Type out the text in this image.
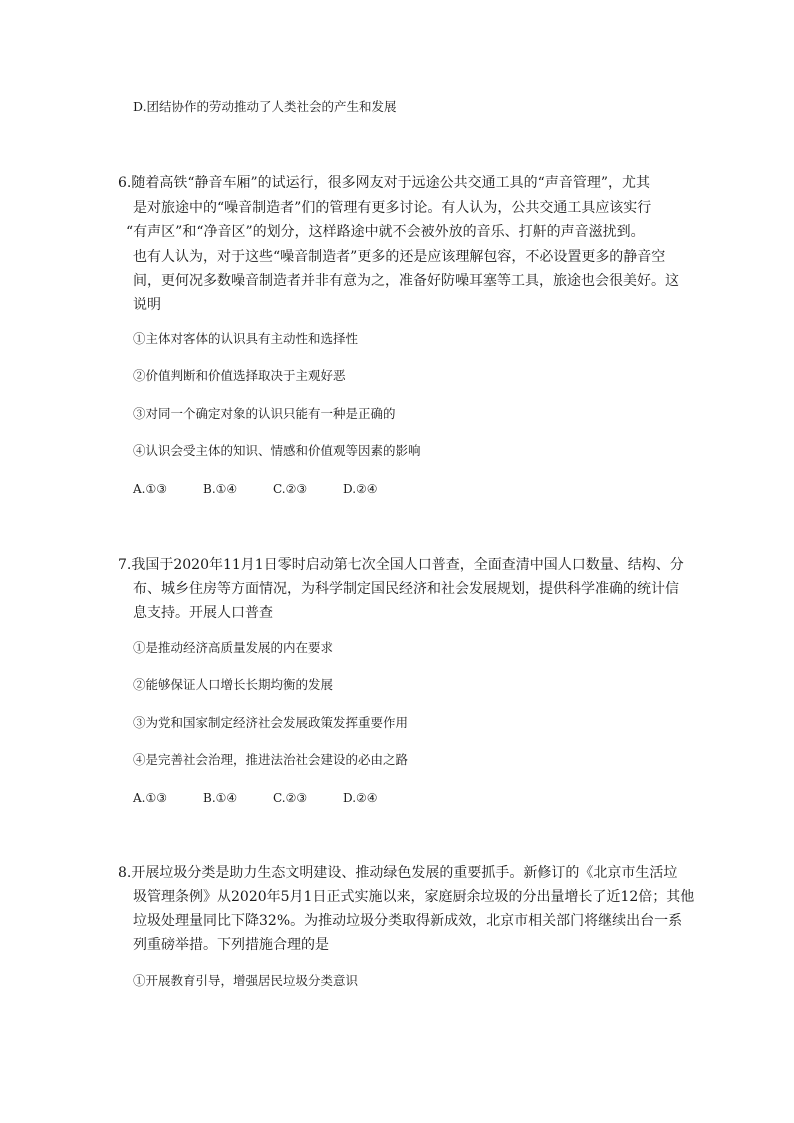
D.团结协作的劳动推动了人类社会的产生和发展
6.随着高铁“静音车厢”的试运行，很多网友对于远途公共交通工具的“声音管理”，尤其
是对旅途中的“噪音制造者”们的管理有更多讨论。有人认为，公共交通工具应该实行
“有声区”和“净音区”的划分，这样路途中就不会被外放的音乐、打鼾的声音滋扰到。
也有人认为，对于这些“噪音制造者”更多的还是应该理解包容，不必设置更多的静音空
间，更何况多数噪音制造者并非有意为之，准备好防噪耳塞等工具，旅途也会很美好。这
说明
①主体对客体的认识具有主动性和选择性
②价值判断和价值选择取决于主观好恶
③对同一个确定对象的认识只能有一种是正确的
④认识会受主体的知识、情感和价值观等因素的影响
A.①③	B.①④	C.②③	D.②④
7.我国于2020年11月1日零时启动第七次全国人口普查，全面查清中国人口数量、结构、分
布、城乡住房等方面情况，为科学制定国民经济和社会发展规划，提供科学准确的统计信
息支持。开展人口普查
①是推动经济高质量发展的内在要求
②能够保证人口增长长期均衡的发展
③为党和国家制定经济社会发展政策发挥重要作用
④是完善社会治理，推进法治社会建设的必由之路
A.①③	B.①④	C.②③	D.②④
8.开展垃圾分类是助力生态文明建设、推动绿色发展的重要抓手。新修订的《北京市生活垃
圾管理条例》从2020年5月1日正式实施以来，家庭厨余垃圾的分出量增长了近12倍；其他
垃圾处理量同比下降32%。为推动垃圾分类取得新成效，北京市相关部门将继续出台一系
列重磅举措。下列措施合理的是
①开展教育引导，增强居民垃圾分类意识
